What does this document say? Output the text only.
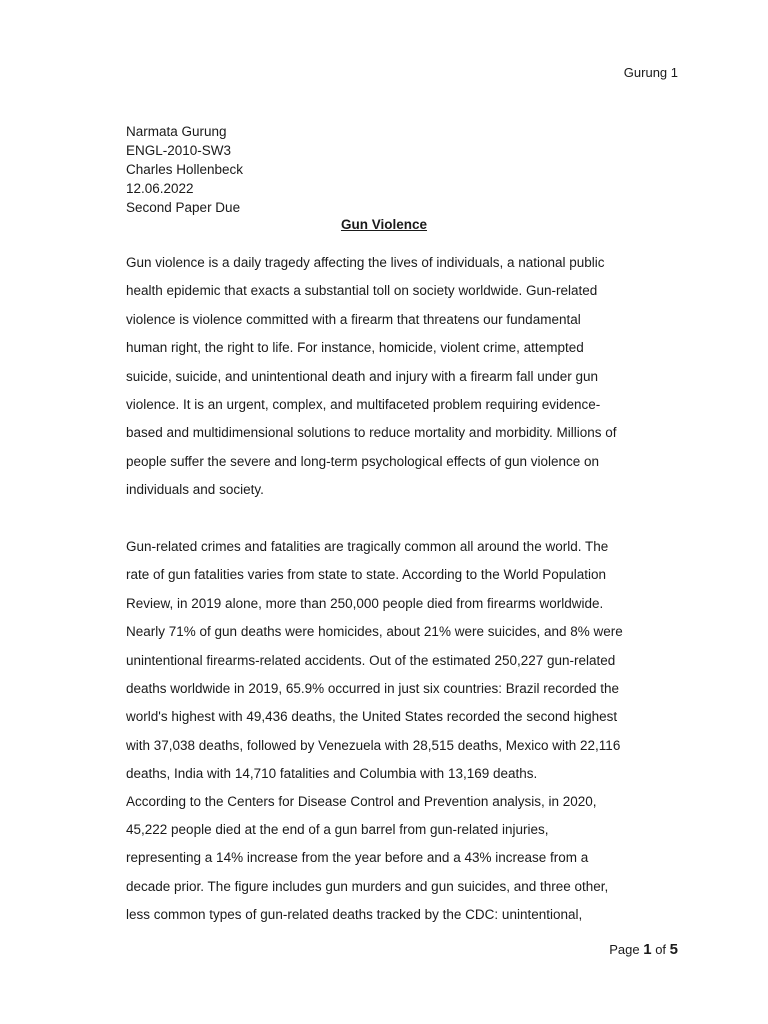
Gurung 1
Narmata Gurung
ENGL-2010-SW3
Charles Hollenbeck
12.06.2022
Second Paper Due
Gun Violence
Gun violence is a daily tragedy affecting the lives of individuals, a national public
health epidemic that exacts a substantial toll on society worldwide. Gun-related
violence is violence committed with a firearm that threatens our fundamental
human right, the right to life. For instance, homicide, violent crime, attempted
suicide, suicide, and unintentional death and injury with a firearm fall under gun
violence. It is an urgent, complex, and multifaceted problem requiring evidence-
based and multidimensional solutions to reduce mortality and morbidity. Millions of
people suffer the severe and long-term psychological effects of gun violence on
individuals and society.
Gun-related crimes and fatalities are tragically common all around the world. The
rate of gun fatalities varies from state to state. According to the World Population
Review, in 2019 alone, more than 250,000 people died from firearms worldwide.
Nearly 71% of gun deaths were homicides, about 21% were suicides, and 8% were
unintentional firearms-related accidents. Out of the estimated 250,227 gun-related
deaths worldwide in 2019, 65.9% occurred in just six countries: Brazil recorded the
world's highest with 49,436 deaths, the United States recorded the second highest
with 37,038 deaths, followed by Venezuela with 28,515 deaths, Mexico with 22,116
deaths, India with 14,710 fatalities and Columbia with 13,169 deaths.
According to the Centers for Disease Control and Prevention analysis, in 2020,
45,222 people died at the end of a gun barrel from gun-related injuries,
representing a 14% increase from the year before and a 43% increase from a
decade prior. The figure includes gun murders and gun suicides, and three other,
less common types of gun-related deaths tracked by the CDC: unintentional,
Page 1 of 5
